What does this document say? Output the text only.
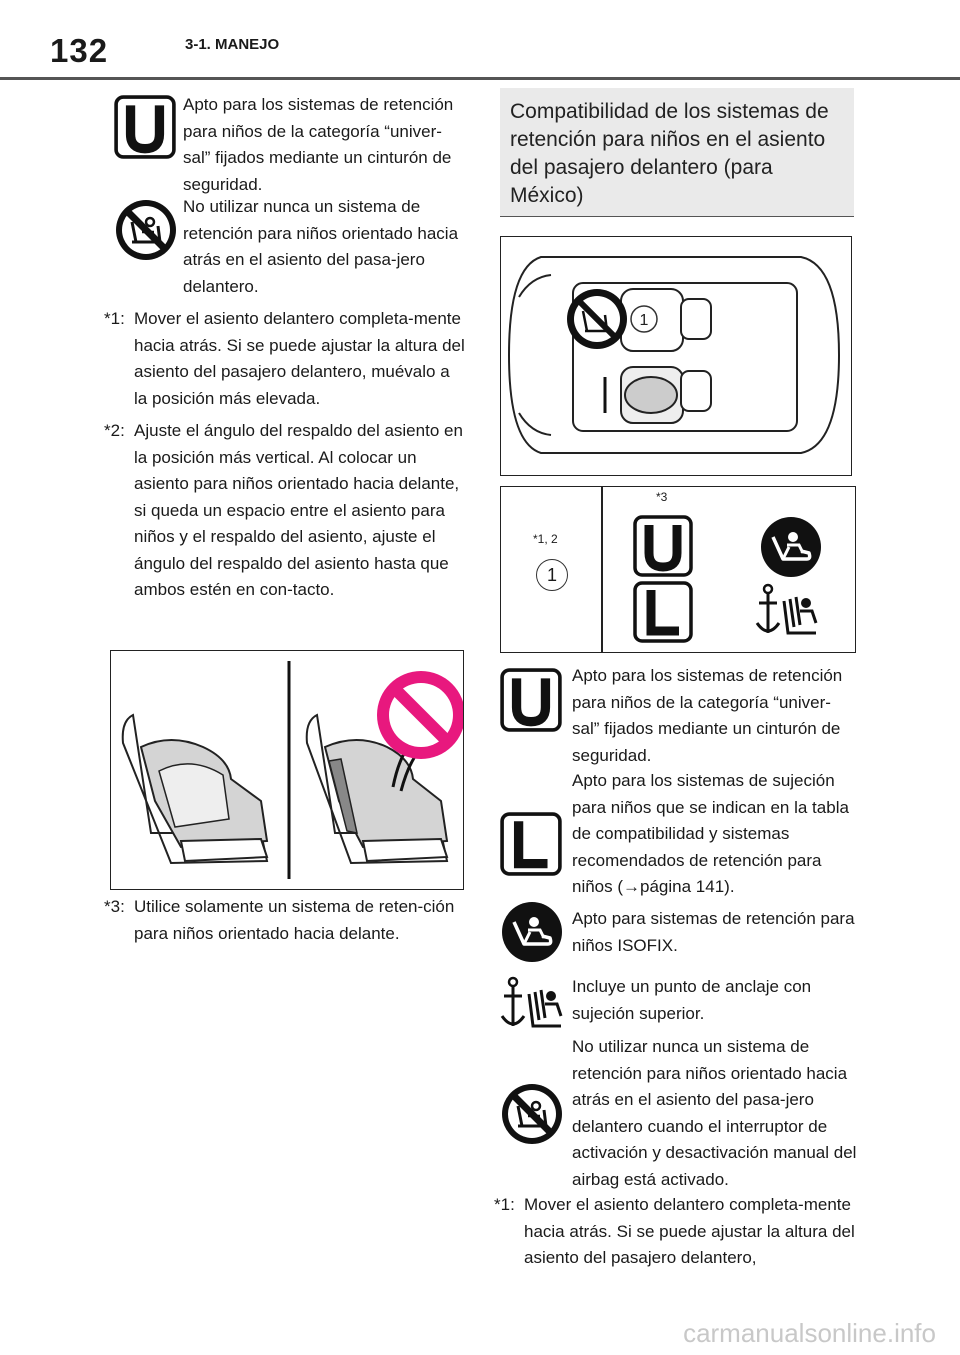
132	3-1. MANEJO
Apto para los sistemas de retención para niños de la categoría “univer-sal” fijados mediante un cinturón de seguridad.
No utilizar nunca un sistema de retención para niños orientado hacia atrás en el asiento del pasa-jero delantero.
*1: Mover el asiento delantero completa-mente hacia atrás. Si se puede ajustar la altura del asiento del pasajero delantero, muévalo a la posición más elevada.
*2: Ajuste el ángulo del respaldo del asiento en la posición más vertical. Al colocar un asiento para niños orientado hacia delante, si queda un espacio entre el asiento para niños y el respaldo del asiento, ajuste el ángulo del respaldo del asiento hasta que ambos estén en con-tacto.
*3: Utilice solamente un sistema de reten-ción para niños orientado hacia delante.
Compatibilidad de los sistemas de retención para niños en el asiento del pasajero delantero (para México)
1
*1, 2
1
*3
Apto para los sistemas de retención para niños de la categoría “univer-sal” fijados mediante un cinturón de seguridad.
Apto para los sistemas de sujeción para niños que se indican en la tabla de compatibilidad y sistemas recomendados de retención para niños (→página 141).
Apto para sistemas de retención para niños ISOFIX.
Incluye un punto de anclaje con sujeción superior.
No utilizar nunca un sistema de retención para niños orientado hacia atrás en el asiento del pasa-jero delantero cuando el interruptor de activación y desactivación manual del airbag está activado.
*1: Mover el asiento delantero completa-mente hacia atrás. Si se puede ajustar la altura del asiento del pasajero delantero,
carmanualsonline.info
